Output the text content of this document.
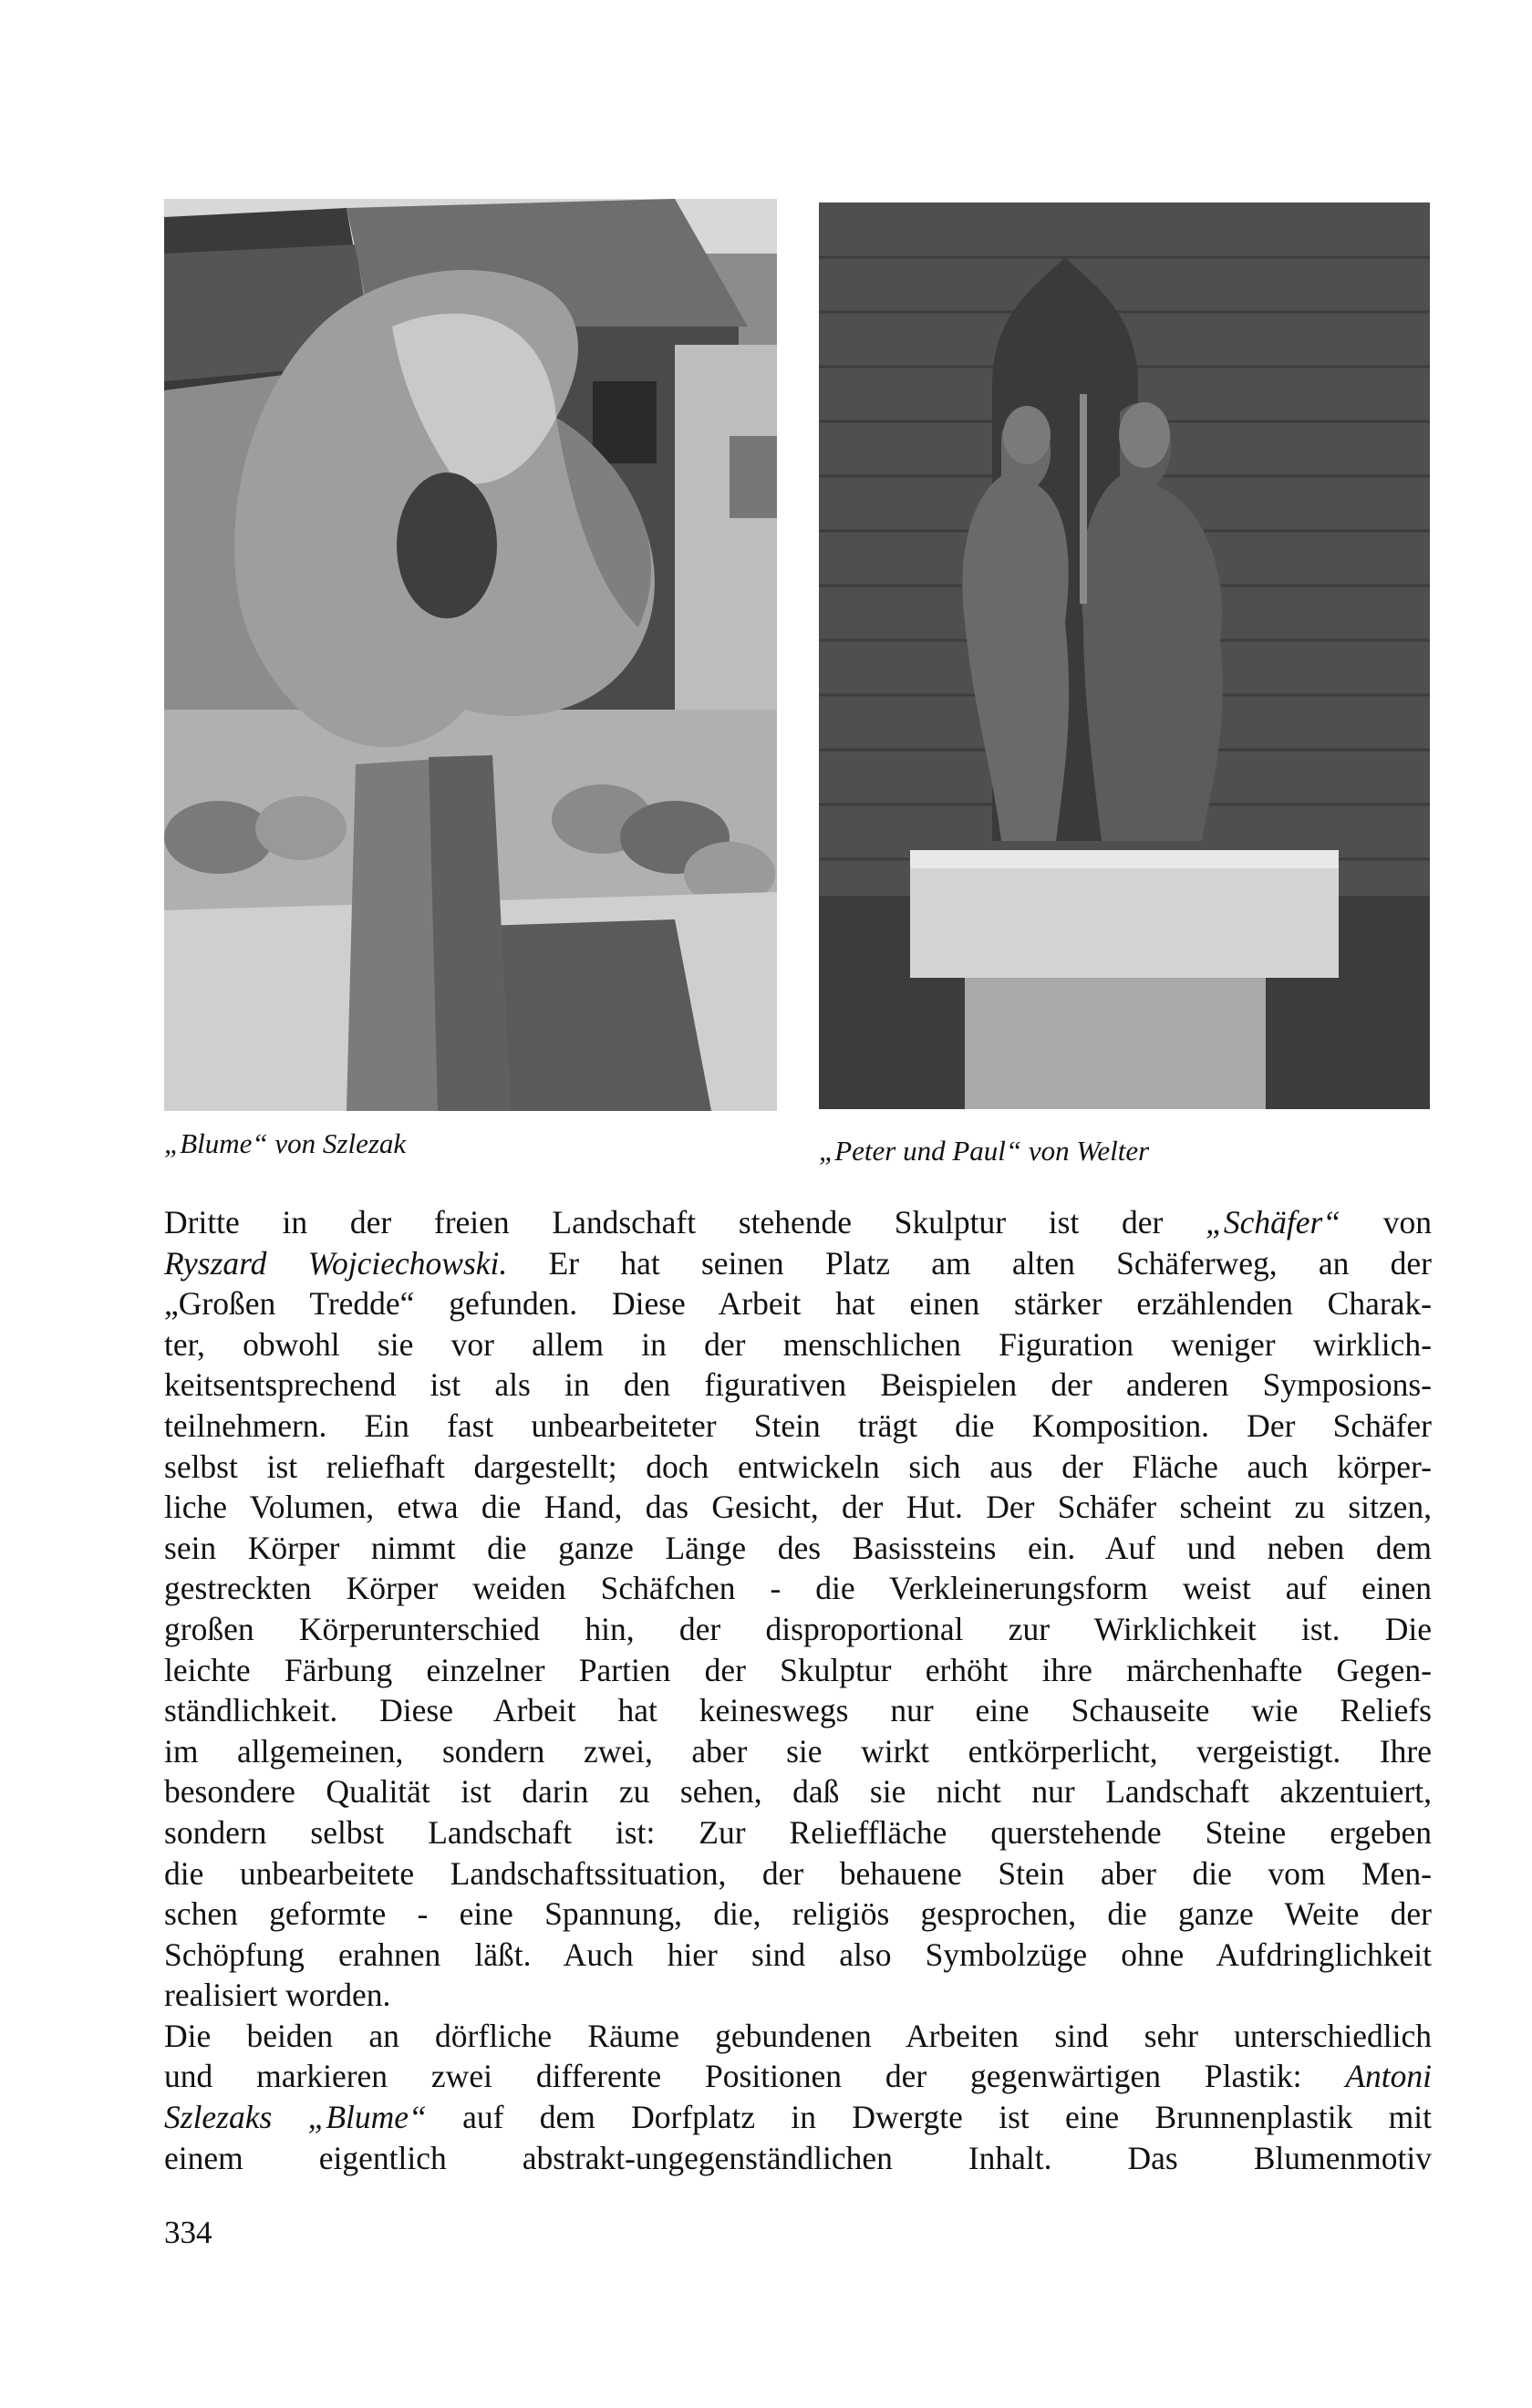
„Blume“ von Szlezak	„Peter und Paul“ von Welter
Dritte in der freien Landschaft stehende Skulptur ist der „Schäfer“ von
Ryszard Wojciechowski. Er hat seinen Platz am alten Schäferweg, an der
„Großen Tredde“ gefunden. Diese Arbeit hat einen stärker erzählenden Charak-
ter, obwohl sie vor allem in der menschlichen Figuration weniger wirklich-
keitsentsprechend ist als in den figurativen Beispielen der anderen Symposions-
teilnehmern. Ein fast unbearbeiteter Stein trägt die Komposition. Der Schäfer
selbst ist reliefhaft dargestellt; doch entwickeln sich aus der Fläche auch körper-
liche Volumen, etwa die Hand, das Gesicht, der Hut. Der Schäfer scheint zu sitzen,
sein Körper nimmt die ganze Länge des Basissteins ein. Auf und neben dem
gestreckten Körper weiden Schäfchen - die Verkleinerungsform weist auf einen
großen Körperunterschied hin, der disproportional zur Wirklichkeit ist. Die
leichte Färbung einzelner Partien der Skulptur erhöht ihre märchenhafte Gegen-
ständlichkeit. Diese Arbeit hat keineswegs nur eine Schauseite wie Reliefs
im allgemeinen, sondern zwei, aber sie wirkt entkörperlicht, vergeistigt. Ihre
besondere Qualität ist darin zu sehen, daß sie nicht nur Landschaft akzentuiert,
sondern selbst Landschaft ist: Zur Relieffläche querstehende Steine ergeben
die unbearbeitete Landschaftssituation, der behauene Stein aber die vom Men-
schen geformte - eine Spannung, die, religiös gesprochen, die ganze Weite der
Schöpfung erahnen läßt. Auch hier sind also Symbolzüge ohne Aufdringlichkeit
realisiert worden.
Die beiden an dörfliche Räume gebundenen Arbeiten sind sehr unterschiedlich
und markieren zwei differente Positionen der gegenwärtigen Plastik: Antoni
Szlezaks „Blume“ auf dem Dorfplatz in Dwergte ist eine Brunnenplastik mit
einem eigentlich abstrakt-ungegenständlichen Inhalt. Das Blumenmotiv
334
